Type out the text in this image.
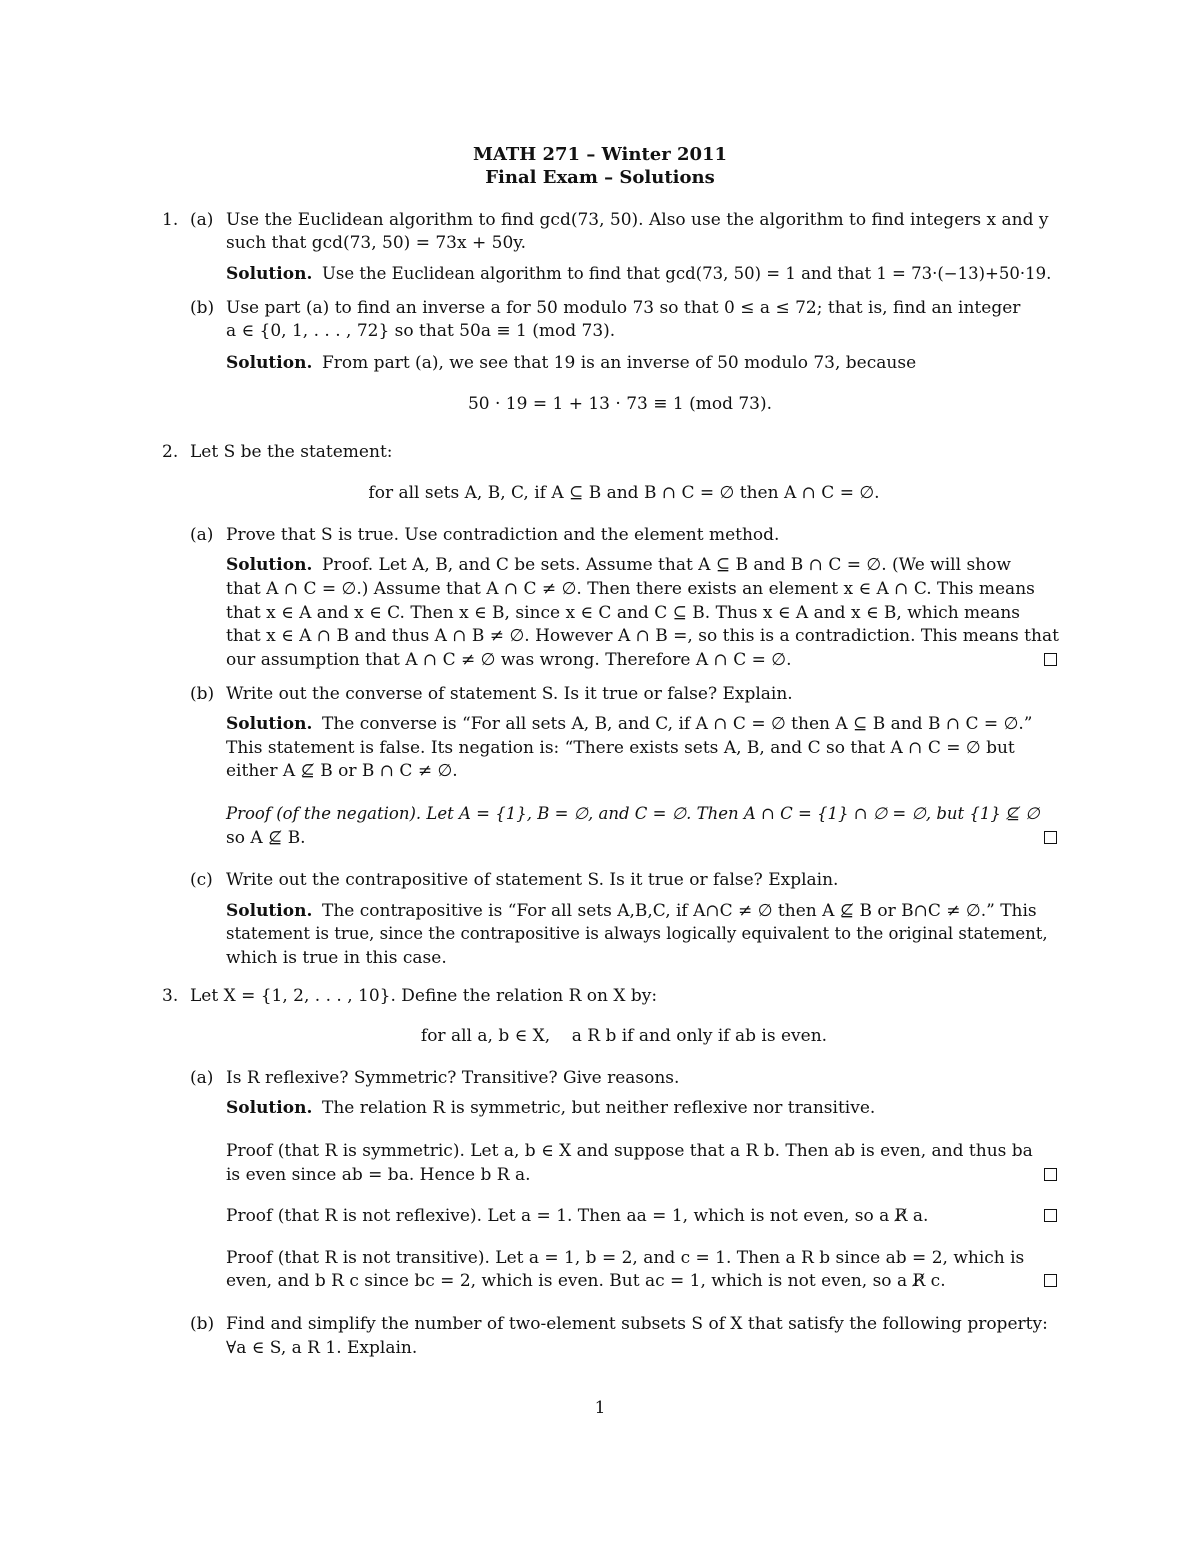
MATH 271 – Winter 2011
Final Exam – Solutions
1. (a) Use the Euclidean algorithm to find gcd(73, 50). Also use the algorithm to find integers x and y
such that gcd(73, 50) = 73x + 50y.
Solution. Use the Euclidean algorithm to find that gcd(73, 50) = 1 and that 1 = 73·(−13)+50·19.
(b) Use part (a) to find an inverse a for 50 modulo 73 so that 0 ≤ a ≤ 72; that is, find an integer
a ∈ {0, 1, . . . , 72} so that 50a ≡ 1 (mod 73).
Solution. From part (a), we see that 19 is an inverse of 50 modulo 73, because
50 · 19 = 1 + 13 · 73 ≡ 1 (mod 73).
2. Let S be the statement:
for all sets A, B, C, if A ⊆ B and B ∩ C = ∅ then A ∩ C = ∅.
(a) Prove that S is true. Use contradiction and the element method.
Solution. Proof. Let A, B, and C be sets. Assume that A ⊆ B and B ∩ C = ∅. (We will show
that A ∩ C = ∅.) Assume that A ∩ C ≠ ∅. Then there exists an element x ∈ A ∩ C. This means
that x ∈ A and x ∈ C. Then x ∈ B, since x ∈ C and C ⊆ B. Thus x ∈ A and x ∈ B, which means
that x ∈ A ∩ B and thus A ∩ B ≠ ∅. However A ∩ B =, so this is a contradiction. This means that
our assumption that A ∩ C ≠ ∅ was wrong. Therefore A ∩ C = ∅.
(b) Write out the converse of statement S. Is it true or false? Explain.
Solution. The converse is “For all sets A, B, and C, if A ∩ C = ∅ then A ⊆ B and B ∩ C = ∅.”
This statement is false. Its negation is: “There exists sets A, B, and C so that A ∩ C = ∅ but
either A ⊈ B or B ∩ C ≠ ∅.
Proof (of the negation). Let A = {1}, B = ∅, and C = ∅. Then A ∩ C = {1} ∩ ∅ = ∅, but {1} ⊈ ∅
so A ⊈ B.
(c) Write out the contrapositive of statement S. Is it true or false? Explain.
Solution. The contrapositive is “For all sets A,B,C, if A∩C ≠ ∅ then A ⊈ B or B∩C ≠ ∅.” This
statement is true, since the contrapositive is always logically equivalent to the original statement,
which is true in this case.
3. Let X = {1, 2, . . . , 10}. Define the relation R on X by:
for all a, b ∈ X,    a R b if and only if ab is even.
(a) Is R reflexive? Symmetric? Transitive? Give reasons.
Solution. The relation R is symmetric, but neither reflexive nor transitive.
Proof (that R is symmetric). Let a, b ∈ X and suppose that a R b. Then ab is even, and thus ba
is even since ab = ba. Hence b R a.
Proof (that R is not reflexive). Let a = 1. Then aa = 1, which is not even, so a R̸ a.
Proof (that R is not transitive). Let a = 1, b = 2, and c = 1. Then a R b since ab = 2, which is
even, and b R c since bc = 2, which is even. But ac = 1, which is not even, so a R̸ c.
(b) Find and simplify the number of two-element subsets S of X that satisfy the following property:
∀a ∈ S, a R 1. Explain.
1
